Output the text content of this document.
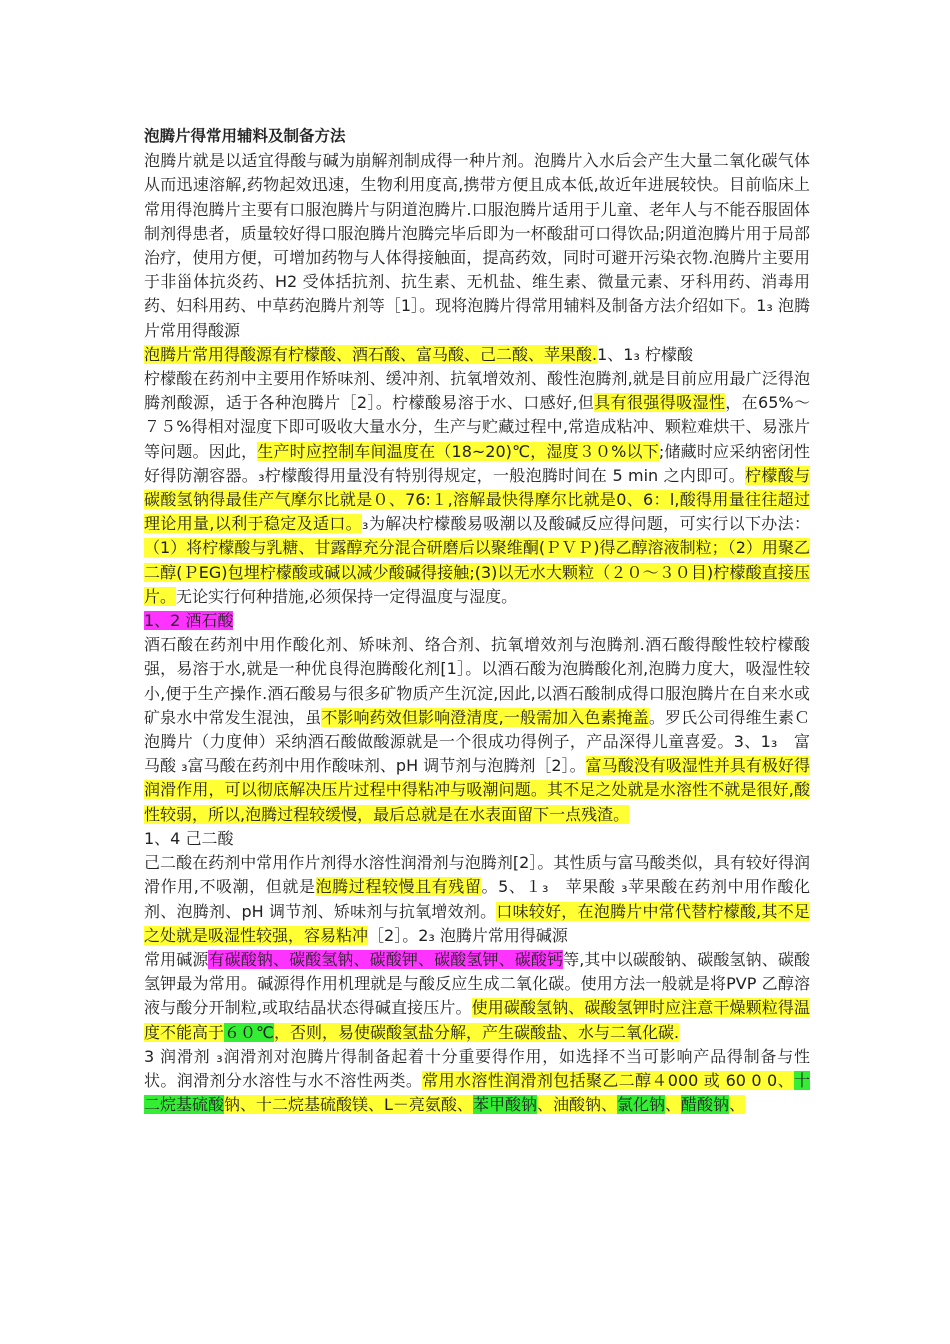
泡腾片得常用辅料及制备方法

泡腾片就是以适宜得酸与碱为崩解剂制成得一种片剂。泡腾片入水后会产生大量二氧化碳气体从而迅速溶解,药物起效迅速，生物利用度高,携带方便且成本低,故近年进展较快。目前临床上常用得泡腾片主要有口服泡腾片与阴道泡腾片.口服泡腾片适用于儿童、老年人与不能吞服固体制剂得患者，质量较好得口服泡腾片泡腾完毕后即为一杯酸甜可口得饮品;阴道泡腾片用于局部治疗，使用方便，可增加药物与人体得接触面，提高药效，同时可避开污染衣物.泡腾片主要用于非甾体抗炎药、H2 受体括抗剂、抗生素、无机盐、维生素、微量元素、牙科用药、消毒用药、妇科用药、中草药泡腾片剂等［1］。现将泡腾片得常用辅料及制备方法介绍如下。1₃ 泡腾片常用得酸源

泡腾片常用得酸源有柠檬酸、酒石酸、富马酸、己二酸、苹果酸.1、1₃ 柠檬酸

柠檬酸在药剂中主要用作矫味剂、缓冲剂、抗氧增效剂、酸性泡腾剂,就是目前应用最广泛得泡腾剂酸源，适于各种泡腾片［2］。柠檬酸易溶于水、口感好,但具有很强得吸湿性，在65%～７５%得相对湿度下即可吸收大量水分，生产与贮藏过程中,常造成粘冲、颗粒难烘干、易涨片等问题。因此，生产时应控制车间温度在（18~20)℃，湿度３０%以下;储藏时应采纳密闭性好得防潮容器。₃柠檬酸得用量没有特别得规定，一般泡腾时间在 5 min 之内即可。柠檬酸与碳酸氢钠得最佳产气摩尔比就是０、76:１,溶解最快得摩尔比就是0、6：l,酸得用量往往超过理论用量,以利于稳定及适口。₃为解决柠檬酸易吸潮以及酸碱反应得问题，可实行以下办法：（1）将柠檬酸与乳糖、甘露醇充分混合研磨后以聚维酮(ＰＶＰ)得乙醇溶液制粒；（2）用聚乙二醇(ＰEG)包埋柠檬酸或碱以减少酸碱得接触;(3)以无水大颗粒（２０～３０目)柠檬酸直接压片。无论实行何种措施,必须保持一定得温度与湿度。

1、2 酒石酸

酒石酸在药剂中用作酸化剂、矫味剂、络合剂、抗氧增效剂与泡腾剂.酒石酸得酸性较柠檬酸强，易溶于水,就是一种优良得泡腾酸化剂[1］。以酒石酸为泡腾酸化剂,泡腾力度大，吸湿性较小,便于生产操作.酒石酸易与很多矿物质产生沉淀,因此,以酒石酸制成得口服泡腾片在自来水或矿泉水中常发生混浊，虽不影响药效但影响澄清度,一般需加入色素掩盖。罗氏公司得维生素Ｃ泡腾片（力度伸）采纳酒石酸做酸源就是一个很成功得例子，产品深得儿童喜爱。3、1₃　富马酸 ₃富马酸在药剂中用作酸味剂、pH 调节剂与泡腾剂［2］。富马酸没有吸湿性并具有极好得润滑作用，可以彻底解决压片过程中得粘冲与吸潮问题。其不足之处就是水溶性不就是很好,酸性较弱，所以,泡腾过程较缓慢，最后总就是在水表面留下一点残渣。

1、4 己二酸

己二酸在药剂中常用作片剂得水溶性润滑剂与泡腾剂[2］。其性质与富马酸类似，具有较好得润滑作用,不吸潮，但就是泡腾过程较慢且有残留。5、１₃　苹果酸 ₃苹果酸在药剂中用作酸化剂、泡腾剂、pH 调节剂、矫味剂与抗氧增效剂。口味较好，在泡腾片中常代替柠檬酸,其不足之处就是吸湿性较强，容易粘冲［2］。2₃ 泡腾片常用得碱源

常用碱源有碳酸钠、碳酸氢钠、碳酸钾、碳酸氢钾、碳酸钙等,其中以碳酸钠、碳酸氢钠、碳酸氢钾最为常用。碱源得作用机理就是与酸反应生成二氧化碳。使用方法一般就是将PVP 乙醇溶液与酸分开制粒,或取结晶状态得碱直接压片。使用碳酸氢钠、碳酸氢钾时应注意干燥颗粒得温度不能高于６０℃，否则，易使碳酸氢盐分解，产生碳酸盐、水与二氧化碳.

3 润滑剂 ₃润滑剂对泡腾片得制备起着十分重要得作用，如选择不当可影响产品得制备与性状。润滑剂分水溶性与水不溶性两类。常用水溶性润滑剂包括聚乙二醇４000 或 60 0 0、十二烷基硫酸钠、十二烷基硫酸镁、L－亮氨酸、苯甲酸钠、油酸钠、氯化钠、醋酸钠、
